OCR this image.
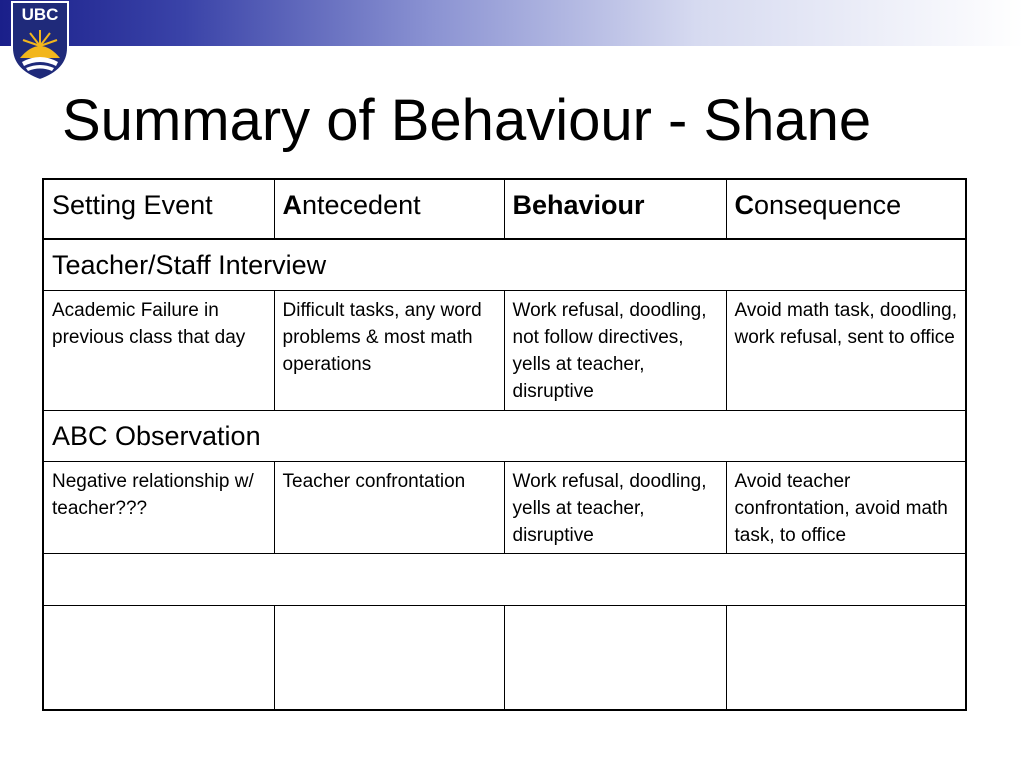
UBC
Summary of Behaviour - Shane
Setting Event	Antecedent	Behaviour	Consequence
Teacher/Staff Interview			
Academic Failure in previous class that day	Difficult tasks, any word problems & most math operations	Work refusal, doodling, not follow directives, yells at teacher, disruptive	Avoid math task, doodling, work refusal, sent to office
ABC Observation			
Negative relationship w/ teacher???	Teacher confrontation	Work refusal, doodling, yells at teacher, disruptive	Avoid teacher confrontation, avoid math task, to office
